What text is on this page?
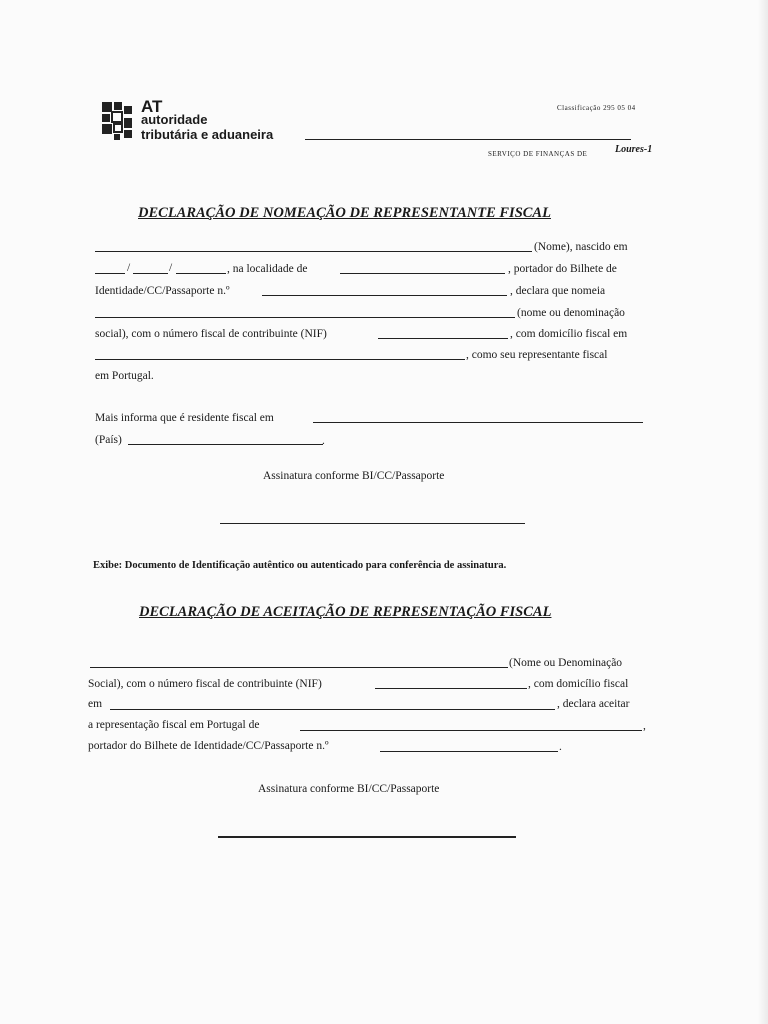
AT
autoridade
tributária e aduaneira
Classificação 295 05 04
SERVIÇO DE FINANÇAS DE	Loures-1
DECLARAÇÃO DE NOMEAÇÃO DE REPRESENTANTE FISCAL
(Nome), nascido em
/	/	, na localidade de	, portador do Bilhete de
Identidade/CC/Passaporte n.º	, declara que nomeia
(nome ou denominação
social), com o número fiscal de contribuinte (NIF)	, com domicílio fiscal em
, como seu representante fiscal
em Portugal.
Mais informa que é residente fiscal em
(País)	.
Assinatura conforme BI/CC/Passaporte
Exibe: Documento de Identificação autêntico ou autenticado para conferência de assinatura.
DECLARAÇÃO DE ACEITAÇÃO DE REPRESENTAÇÃO FISCAL
(Nome ou Denominação
Social), com o número fiscal de contribuinte (NIF)	, com domicílio fiscal
em	, declara aceitar
a representação fiscal em Portugal de	,
portador do Bilhete de Identidade/CC/Passaporte n.º	.
Assinatura conforme BI/CC/Passaporte
